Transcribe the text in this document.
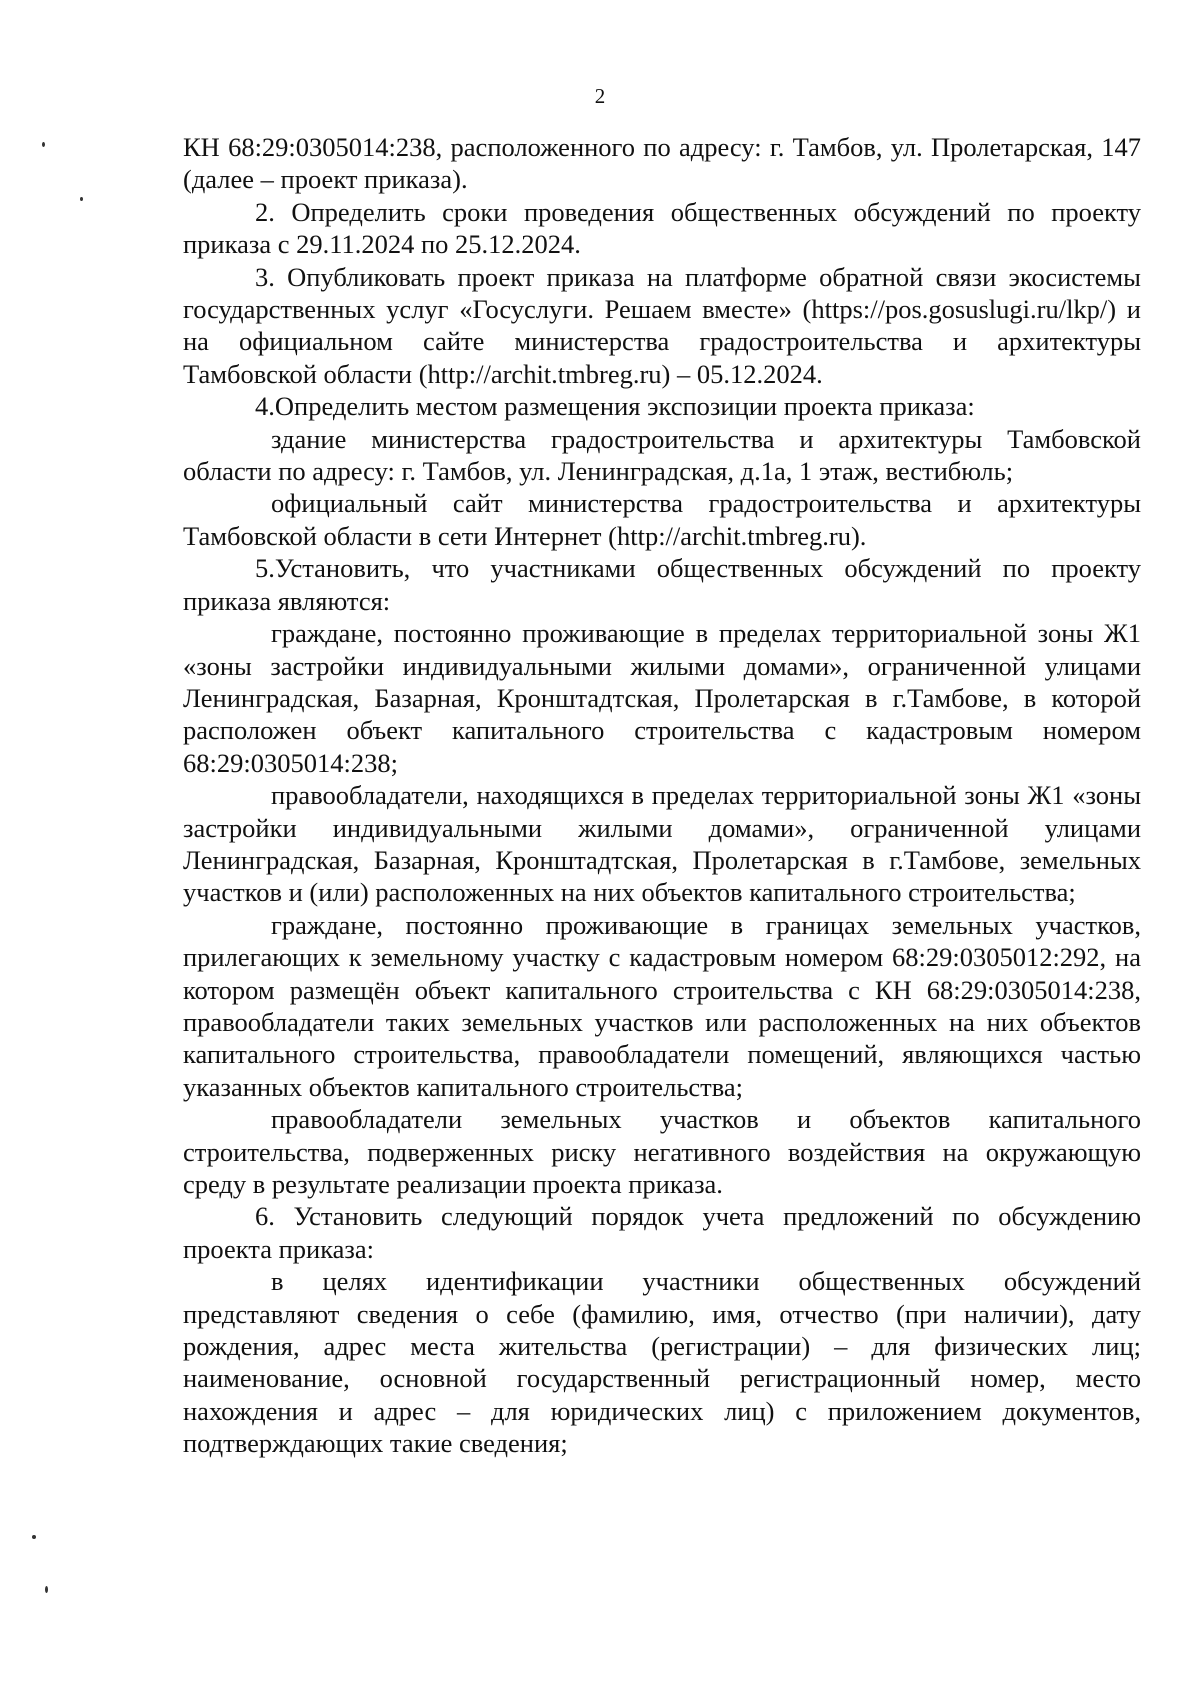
2

КН 68:29:0305014:238, расположенного по адресу: г. Тамбов, ул. Пролетарская, 147 (далее – проект приказа).

2. Определить сроки проведения общественных обсуждений по проекту приказа с 29.11.2024 по 25.12.2024.

3. Опубликовать проект приказа на платформе обратной связи экосистемы государственных услуг «Госуслуги. Решаем вместе» (https://pos.gosuslugi.ru/lkp/) и на официальном сайте министерства градостроительства и архитектуры Тамбовской области (http://archit.tmbreg.ru) – 05.12.2024.

4.Определить местом размещения экспозиции проекта приказа:

здание министерства градостроительства и архитектуры Тамбовской области по адресу: г. Тамбов, ул. Ленинградская, д.1а, 1 этаж, вестибюль;

официальный сайт министерства градостроительства и архитектуры Тамбовской области в сети Интернет (http://archit.tmbreg.ru).

5.Установить, что участниками общественных обсуждений по проекту приказа являются:

граждане, постоянно проживающие в пределах территориальной зоны Ж1 «зоны застройки индивидуальными жилыми домами», ограниченной улицами Ленинградская, Базарная, Кронштадтская, Пролетарская в г.Тамбове, в которой расположен объект капитального строительства с кадастровым номером 68:29:0305014:238;

правообладатели, находящихся в пределах территориальной зоны Ж1 «зоны застройки индивидуальными жилыми домами», ограниченной улицами Ленинградская, Базарная, Кронштадтская, Пролетарская в г.Тамбове, земельных участков и (или) расположенных на них объектов капитального строительства;

граждане, постоянно проживающие в границах земельных участков, прилегающих к земельному участку с кадастровым номером 68:29:0305012:292, на котором размещён объект капитального строительства с КН 68:29:0305014:238, правообладатели таких земельных участков или расположенных на них объектов капитального строительства, правообладатели помещений, являющихся частью указанных объектов капитального строительства;

правообладатели земельных участков и объектов капитального строительства, подверженных риску негативного воздействия на окружающую среду в результате реализации проекта приказа.

6. Установить следующий порядок учета предложений по обсуждению проекта приказа:

в целях идентификации участники общественных обсуждений представляют сведения о себе (фамилию, имя, отчество (при наличии), дату рождения, адрес места жительства (регистрации) – для физических лиц; наименование, основной государственный регистрационный номер, место нахождения и адрес – для юридических лиц) с приложением документов, подтверждающих такие сведения;
